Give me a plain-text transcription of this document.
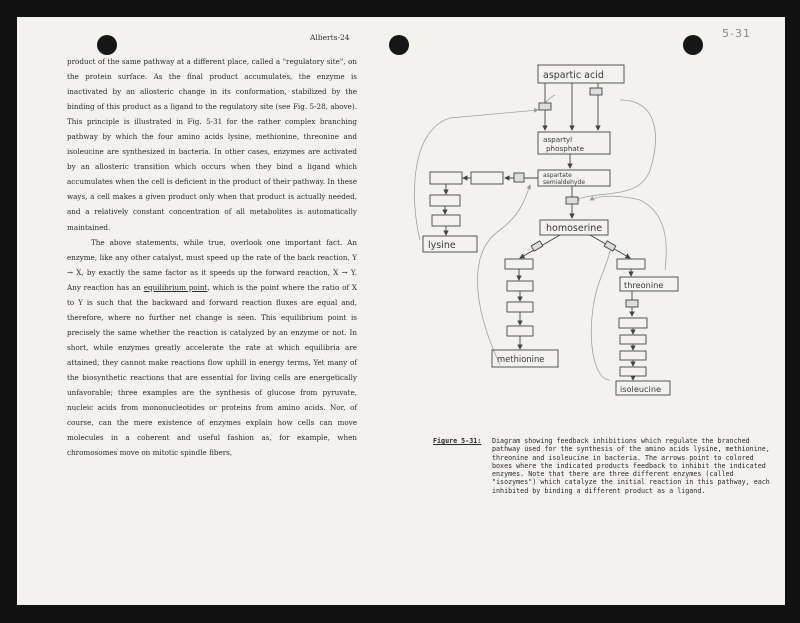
Alberts-24	5-31

product of the same pathway at a different place, called a "regulatory site", on the protein surface. As the final product accumulates, the enzyme is inactivated by an allosteric change in its conformation, stabilized by the binding of this product as a ligand to the regulatory site (see Fig. 5-28, above). This principle is illustrated in Fig. 5-31 for the rather complex branching pathway by which the four amino acids lysine, methionine, threonine and isoleucine are synthesized in bacteria. In other cases, enzymes are activated by an allosteric transition which occurs when they bind a ligand which accumulates when the cell is deficient in the product of their pathway. In these ways, a cell makes a given product only when that product is actually needed, and a relatively constant concentration of all metabolites is automatically maintained.

The above statements, while true, overlook one important fact. An enzyme, like any other catalyst, must speed up the rate of the back reaction, Y → X, by exactly the same factor as it speeds up the forward reaction, X → Y. Any reaction has an equilibrium point, which is the point where the ratio of X to Y is such that the backward and forward reaction fluxes are equal and, therefore, where no further net change is seen. This equilibrium point is precisely the same whether the reaction is catalyzed by an enzyme or not. In short, while enzymes greatly accelerate the rate at which equilibria are attained, they cannot make reactions flow uphill in energy terms. Yet many of the biosynthetic reactions that are essential for living cells are energetically unfavorable; three examples are the synthesis of glucose from pyruvate, nucleic acids from mononucleotides or proteins from amino acids. Nor, of course, can the mere existence of enzymes explain how cells can move molecules in a coherent and useful fashion as, for example, when chromosomes move on mitotic spindle fibers,

aspartic acid
aspartyl
phosphate
aspartate
semialdehyde
homoserine
lysine
threonine
methionine
isoleucine
Figure 5-31: Diagram showing feedback inhibitions which regulate the branched pathway used for the synthesis of the amino acids lysine, methionine, threonine and isoleucine in bacteria. The arrows point to colored boxes where the indicated products feedback to inhibit the indicated enzymes. Note that there are three different enzymes (called "isozymes") which catalyze the initial reaction in this pathway, each inhibited by binding a different product as a ligand.
